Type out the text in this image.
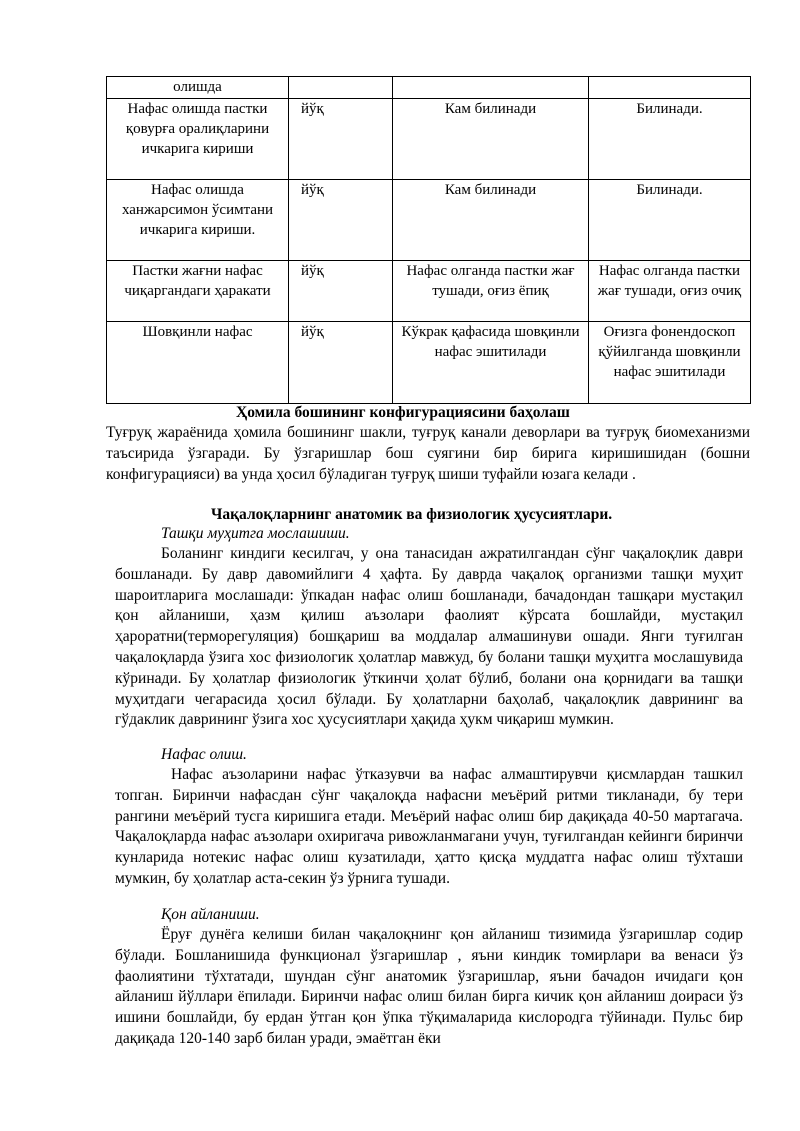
олишда			
Нафас олишда пастки қовурға оралиқларини ичкарига кириши	йўқ	Кам билинади	Билинади.
Нафас олишда ханжарсимон ўсимтани ичкарига кириши.	йўқ	Кам билинади	Билинади.
Пастки жағни нафас чиқаргандаги ҳаракати	йўқ	Нафас олганда пастки жағ тушади, оғиз ёпиқ	Нафас олганда пастки жағ тушади, оғиз очиқ
Шовқинли нафас	йўқ	Кўкрак қафасида шовқинли нафас эшитилади	Оғизга фонендоскоп қўйилганда шовқинли нафас эшитилади
Ҳомила бошининг конфигурациясини баҳолаш
Туғруқ жараёнида ҳомила бошининг шакли, туғруқ канали деворлари ва туғруқ биомеханизми таъсирида ўзгаради. Бу ўзгаришлар бош суягини бир бирига киришишидан (бошни конфигурацияси) ва унда ҳосил бўладиган туғруқ шиши туфайли юзага келади .
Чақалоқларнинг анатомик ва физиологик ҳусусиятлари.
Ташқи муҳитга мослашиши.
Боланинг киндиги кесилгач, у она танасидан ажратилгандан сўнг чақалоқлик даври бошланади. Бу давр давомийлиги 4 ҳафта. Бу даврда чақалоқ организми ташқи муҳит шароитларига мослашади: ўпкадан нафас олиш бошланади, бачадондан ташқари мустақил қон айланиши, ҳазм қилиш аъзолари фаолият кўрсата бошлайди, мустақил ҳароратни(терморегуляция) бошқариш ва моддалар алмашинуви ошади. Янги туғилган чақалоқларда ўзига хос физиологик ҳолатлар мавжуд, бу болани ташқи муҳитга мослашувида кўринади. Бу ҳолатлар физиологик ўткинчи ҳолат бўлиб, болани она қорнидаги ва ташқи муҳитдаги чегарасида ҳосил бўлади. Бу ҳолатларни баҳолаб, чақалоқлик даврининг ва гўдаклик даврининг ўзига хос ҳусусиятлари ҳақида ҳукм чиқариш мумкин.
Нафас олиш.
Нафас аъзоларини нафас ўтказувчи ва нафас алмаштирувчи қисмлардан ташкил топган. Биринчи нафасдан сўнг чақалоқда нафасни меъёрий ритми тикланади, бу тери рангини меъёрий тусга киришига етади. Меъёрий нафас олиш бир дақиқада 40-50 мартагача. Чақалоқларда нафас аъзолари охиригача ривожланмагани учун, туғилгандан кейинги биринчи кунларида нотекис нафас олиш кузатилади, ҳатто қисқа муддатга нафас олиш тўхташи мумкин, бу ҳолатлар аста-секин ўз ўрнига тушади.
Қон айланиши.
Ёруғ дунёга келиши билан чақалоқнинг қон айланиш тизимида ўзгаришлар содир бўлади. Бошланишида функционал ўзгаришлар , яъни киндик томирлари ва венаси ўз фаолиятини тўхтатади, шундан сўнг анатомик ўзгаришлар, яъни бачадон ичидаги қон айланиш йўллари ёпилади. Биринчи нафас олиш билан бирга кичик қон айланиш доираси ўз ишини бошлайди, бу ердан ўтган қон ўпка тўқималарида кислородга тўйинади. Пульс бир дақиқада 120-140 зарб билан уради, эмаётган ёки
